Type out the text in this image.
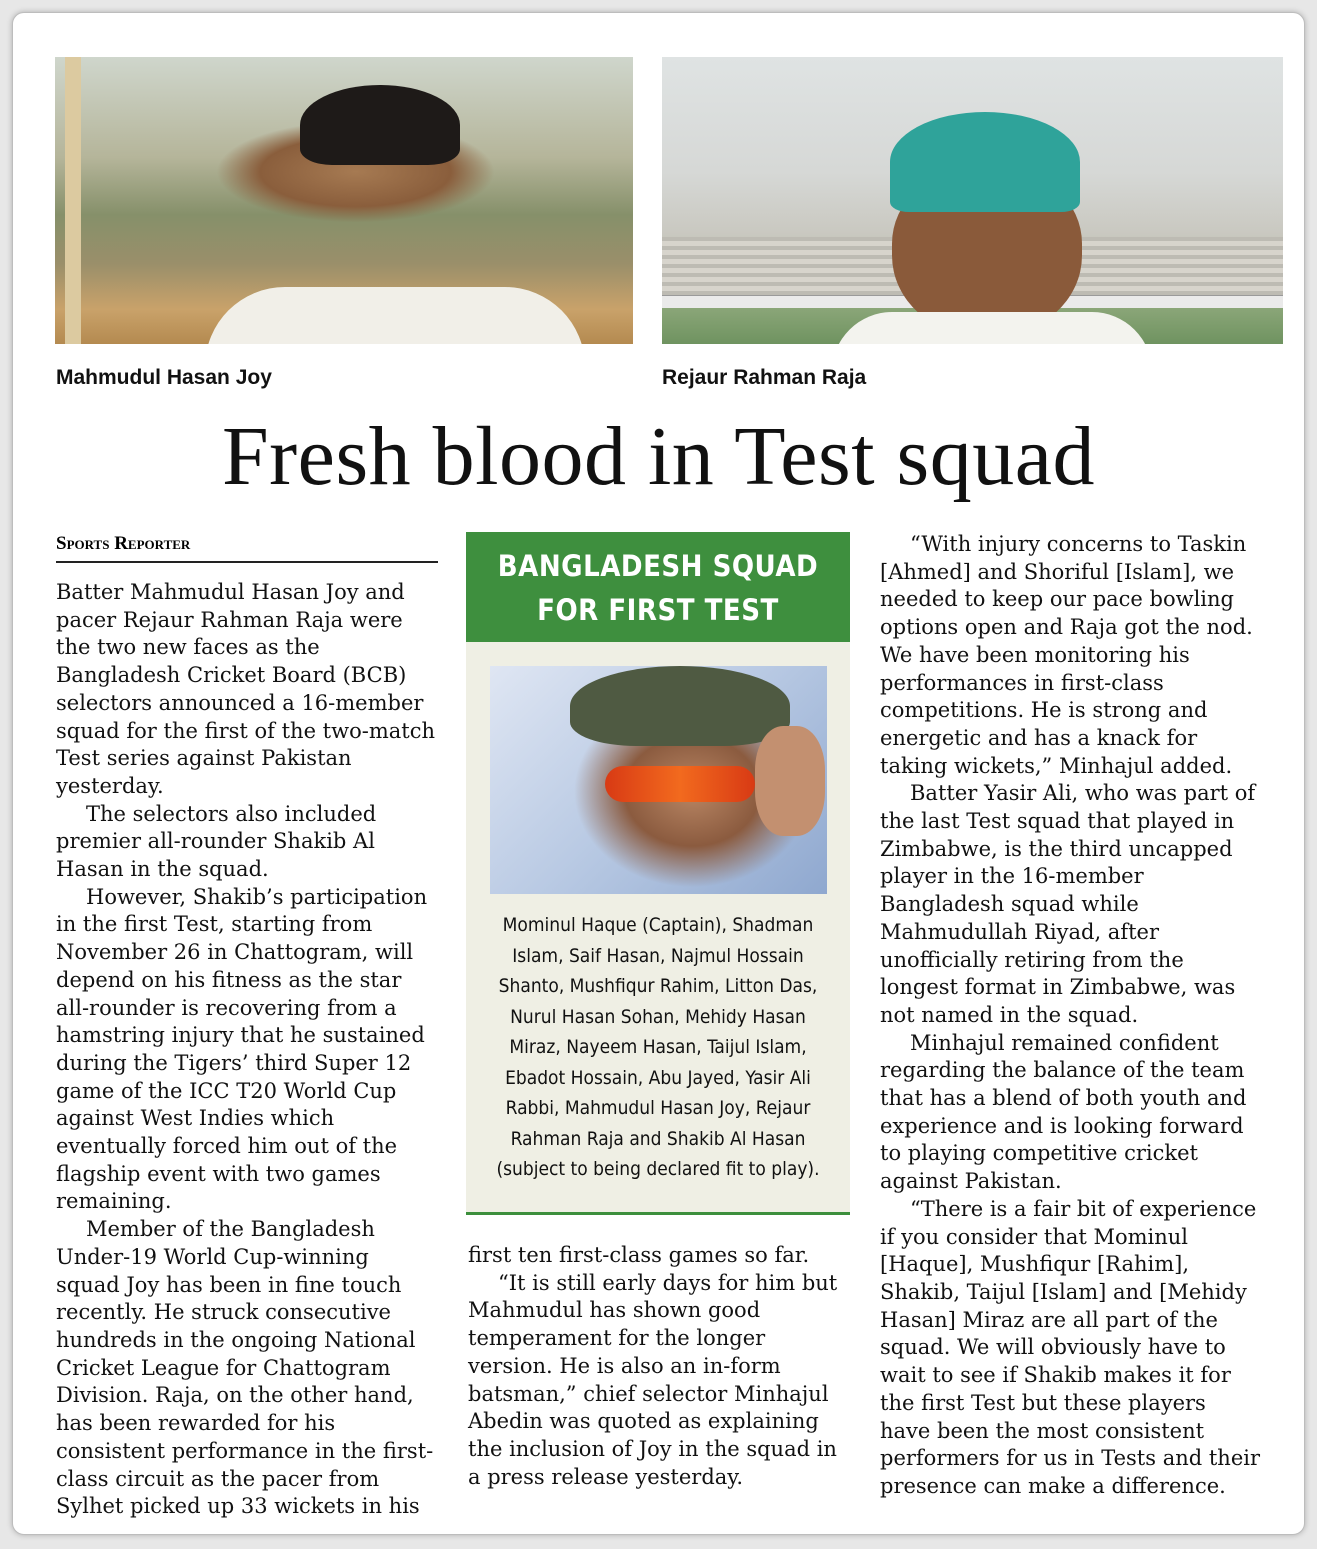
Mahmudul Hasan Joy	Rejaur Rahman Raja
Fresh blood in Test squad
Sports Reporter

Batter Mahmudul Hasan Joy and pacer Rejaur Rahman Raja were the two new faces as the Bangladesh Cricket Board (BCB) selectors announced a 16-member squad for the first of the two-match Test series against Pakistan yesterday.

The selectors also included premier all-rounder Shakib Al Hasan in the squad.

However, Shakib’s participation in the first Test, starting from November 26 in Chattogram, will depend on his fitness as the star all-rounder is recovering from a hamstring injury that he sustained during the Tigers’ third Super 12 game of the ICC T20 World Cup against West Indies which eventually forced him out of the flagship event with two games remaining.

Member of the Bangladesh Under-19 World Cup-winning squad Joy has been in fine touch recently. He struck consecutive hundreds in the ongoing National Cricket League for Chattogram Division. Raja, on the other hand, has been rewarded for his consistent performance in the first-class circuit as the pacer from Sylhet picked up 33 wickets in his

BANGLADESH SQUAD FOR FIRST TEST
Mominul Haque (Captain), Shadman Islam, Saif Hasan, Najmul Hossain Shanto, Mushfiqur Rahim, Litton Das, Nurul Hasan Sohan, Mehidy Hasan Miraz, Nayeem Hasan, Taijul Islam, Ebadot Hossain, Abu Jayed, Yasir Ali Rabbi, Mahmudul Hasan Joy, Rejaur Rahman Raja and Shakib Al Hasan (subject to being declared fit to play).

first ten first-class games so far.

“It is still early days for him but Mahmudul has shown good temperament for the longer version. He is also an in-form batsman,” chief selector Minhajul Abedin was quoted as explaining the inclusion of Joy in the squad in a press release yesterday.

“With injury concerns to Taskin [Ahmed] and Shoriful [Islam], we needed to keep our pace bowling options open and Raja got the nod. We have been monitoring his performances in first-class competitions. He is strong and energetic and has a knack for taking wickets,” Minhajul added.

Batter Yasir Ali, who was part of the last Test squad that played in Zimbabwe, is the third uncapped player in the 16-member Bangladesh squad while Mahmudullah Riyad, after unofficially retiring from the longest format in Zimbabwe, was not named in the squad.

Minhajul remained confident regarding the balance of the team that has a blend of both youth and experience and is looking forward to playing competitive cricket against Pakistan.

“There is a fair bit of experience if you consider that Mominul [Haque], Mushfiqur [Rahim], Shakib, Taijul [Islam] and [Mehidy Hasan] Miraz are all part of the squad. We will obviously have to wait to see if Shakib makes it for the first Test but these players have been the most consistent performers for us in Tests and their presence can make a difference.
